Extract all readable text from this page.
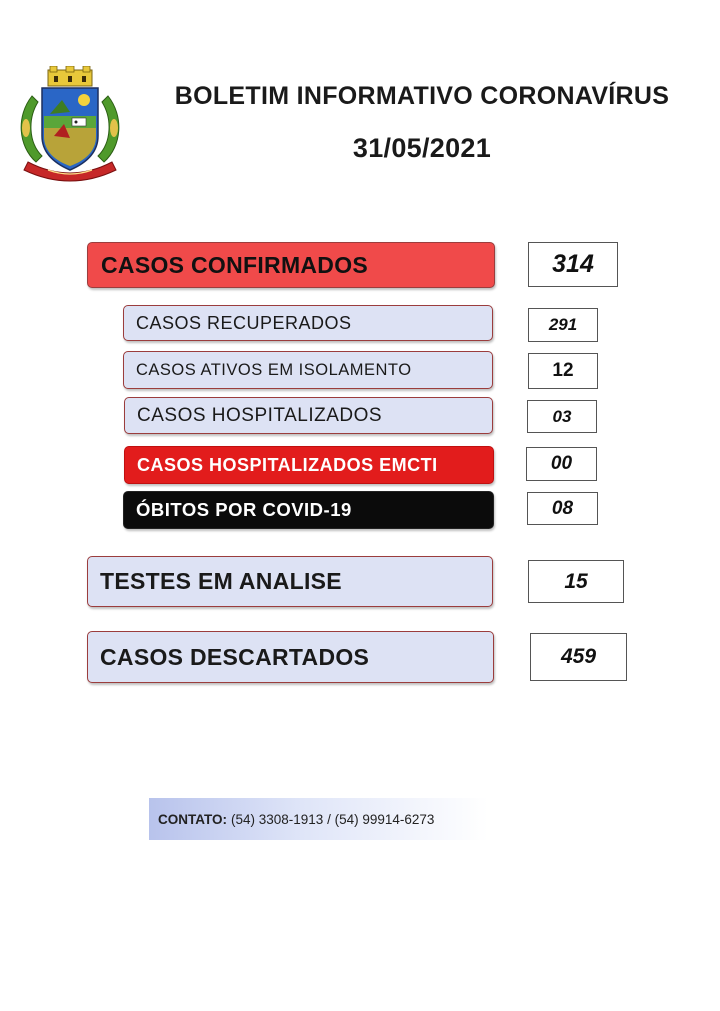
BOLETIM INFORMATIVO CORONAVÍRUS
31/05/2021
CASOS CONFIRMADOS	314
CASOS RECUPERADOS	291
CASOS ATIVOS EM ISOLAMENTO	12
CASOS HOSPITALIZADOS	03
CASOS HOSPITALIZADOS EMCTI	00
ÓBITOS POR COVID-19	08
TESTES EM ANALISE	15
CASOS DESCARTADOS	459
CONTATO: (54) 3308-1913 / (54) 99914-6273
